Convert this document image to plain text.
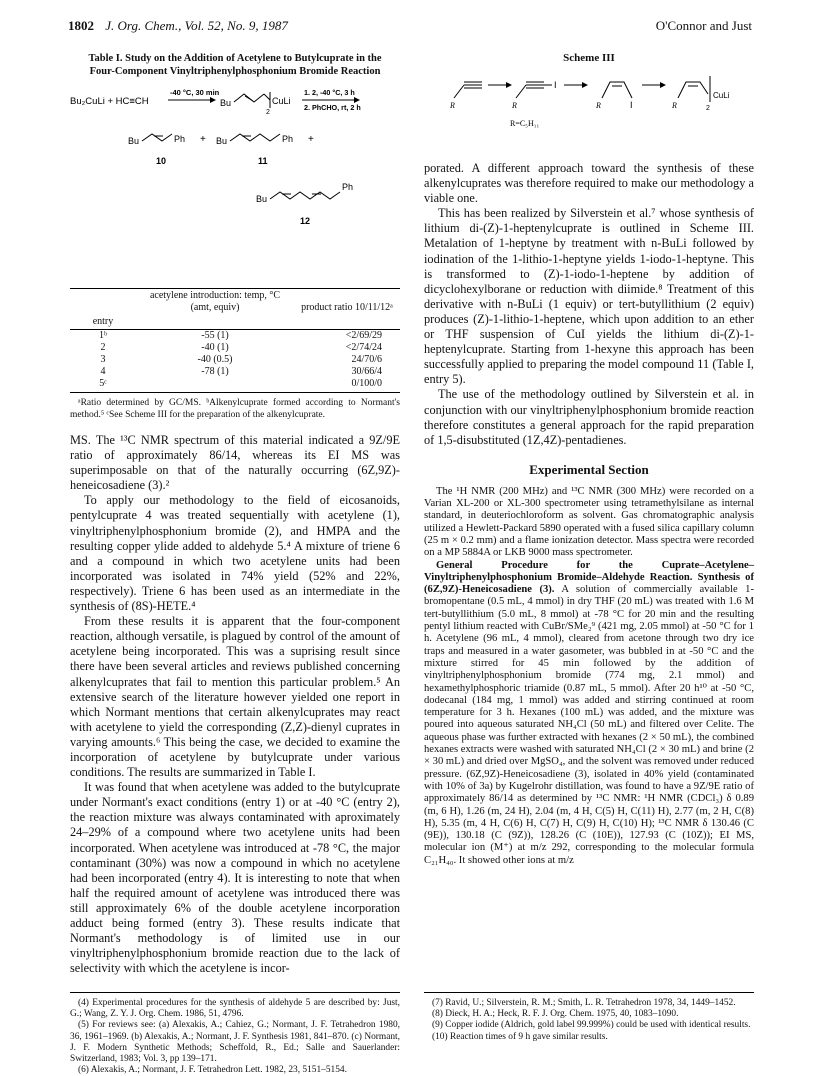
1802 J. Org. Chem., Vol. 52, No. 9, 1987	O'Connor and Just
Table I. Study on the Addition of Acetylene to Butylcuprate in the Four-Component Vinyltriphenylphosphonium Bromide Reaction
Bu₂CuLi + HC≡CH
-40 °C, 30 min
Bu	CuLi
2
1. 2, -40 °C, 3 h
2. PhCHO, rt, 2 h
Bu	Ph + Bu	Ph +
10	11
Bu
Ph
12
	acetylene introduction: temp, °C (amt, equiv)	product ratio 10/11/12ᵃ
entry		
1ᵇ	-55 (1)	<2/69/29
2	-40 (1)	<2/74/24
3	-40 (0.5)	24/70/6
4	-78 (1)	30/66/4
5ᶜ		0/100/0
ᵃRatio determined by GC/MS. ᵇAlkenylcuprate formed according to Normant's method.⁵ ᶜSee Scheme III for the preparation of the alkenylcuprate.

MS. The ¹³C NMR spectrum of this material indicated a 9Z/9E ratio of approximately 86/14, whereas its EI MS was superimposable on that of the naturally occurring (6Z,9Z)-heneicosadiene (3).²

To apply our methodology to the field of eicosanoids, pentylcuprate 4 was treated sequentially with acetylene (1), vinyltriphenylphosphonium bromide (2), and HMPA and the resulting copper ylide added to aldehyde 5.⁴ A mixture of triene 6 and a compound in which two acetylene units had been incorporated was isolated in 74% yield (52% and 22%, respectively). Triene 6 has been used as an intermediate in the synthesis of (8S)-HETE.⁴

From these results it is apparent that the four-component reaction, although versatile, is plagued by control of the amount of acetylene being incorporated. This was a suprising result since there have been several articles and reviews published concerning alkenylcuprates that fail to mention this particular problem.⁵ An extensive search of the literature however yielded one report in which Normant mentions that certain alkenylcuprates may react with acetylene to yield the corresponding (Z,Z)-dienyl cuprates in varying amounts.⁶ This being the case, we decided to examine the incorporation of acetylene by butylcuprate under various conditions. The results are summarized in Table I.

It was found that when acetylene was added to the butylcuprate under Normant's exact conditions (entry 1) or at -40 °C (entry 2), the reaction mixture was always contaminated with aproximately 24–29% of a compound where two acetylene units had been incorporated. When acetylene was introduced at -78 °C, the major contaminant (30%) was now a compound in which no acetylene had been incorporated (entry 4). It is interesting to note that when half the required amount of acetylene was introduced there was still approximately 6% of the double acetylene incorporation adduct being formed (entry 3). These results indicate that Normant's methodology is of limited use in our vinyltriphenylphosphonium bromide reaction due to the lack of selectivity with which the acetylene is incor-

Scheme III
R	R
I
R	I	R
CuLi
2
R=C₅H₁₁

porated. A different approach toward the synthesis of these alkenylcuprates was therefore required to make our methodology a viable one.

This has been realized by Silverstein et al.⁷ whose synthesis of lithium di-(Z)-1-heptenylcuprate is outlined in Scheme III. Metalation of 1-heptyne by treatment with n-BuLi followed by iodination of the 1-lithio-1-heptyne yields 1-iodo-1-heptyne. This is transformed to (Z)-1-iodo-1-heptene by addition of dicyclohexylborane or reduction with diimide.⁸ Treatment of this derivative with n-BuLi (1 equiv) or tert-butyllithium (2 equiv) produces (Z)-1-lithio-1-heptene, which upon addition to an ether or THF suspension of CuI yields the lithium di-(Z)-1-heptenylcuprate. Starting from 1-hexyne this approach has been successfully applied to preparing the model compound 11 (Table I, entry 5).

The use of the methodology outlined by Silverstein et al. in conjunction with our vinyltriphenylphosphonium bromide reaction therefore constitutes a general approach for the rapid preparation of 1,5-disubstituted (1Z,4Z)-pentadienes.

Experimental Section

The ¹H NMR (200 MHz) and ¹³C NMR (300 MHz) were recorded on a Varian XL-200 or XL-300 spectrometer using tetramethylsilane as internal standard, in deuteriochloroform as solvent. Gas chromatographic analysis utilized a Hewlett-Packard 5890 operated with a fused silica capillary column (25 m × 0.2 mm) and a flame ionization detector. Mass spectra were recorded on a MP 5884A or LKB 9000 mass spectrometer.

General Procedure for the Cuprate–Acetylene–Vinyltriphenylphosphonium Bromide–Aldehyde Reaction. Synthesis of (6Z,9Z)-Heneicosadiene (3). A solution of commercially available 1-bromopentane (0.5 mL, 4 mmol) in dry THF (20 mL) was treated with 1.6 M tert-butyllithium (5.0 mL, 8 mmol) at -78 °C for 20 min and the resulting pentyl lithium reacted with CuBr/SMe₂⁹ (421 mg, 2.05 mmol) at -50 °C for 1 h. Acetylene (96 mL, 4 mmol), cleared from acetone through two dry ice traps and measured in a water gasometer, was bubbled in at -50 °C and the mixture stirred for 45 min followed by the addition of vinyltriphenylphosphonium bromide (774 mg, 2.1 mmol) and hexamethylphosphoric triamide (0.87 mL, 5 mmol). After 20 h¹⁰ at -50 °C, dodecanal (184 mg, 1 mmol) was added and stirring continued at room temperature for 3 h. Hexanes (100 mL) was added, and the mixture was poured into aqueous saturated NH₄Cl (50 mL) and filtered over Celite. The aqueous phase was further extracted with hexanes (2 × 50 mL), the combined hexanes extracts were washed with saturated NH₄Cl (2 × 30 mL) and brine (2 × 30 mL) and dried over MgSO₄, and the solvent was removed under reduced pressure. (6Z,9Z)-Heneicosadiene (3), isolated in 40% yield (contaminated with 10% of 3a) by Kugelrohr distillation, was found to have a 9Z/9E ratio of approximately 86/14 as determined by ¹³C NMR: ¹H NMR (CDCl₃) δ 0.89 (m, 6 H), 1.26 (m, 24 H), 2.04 (m, 4 H, C(5) H, C(11) H), 2.77 (m, 2 H, C(8) H), 5.35 (m, 4 H, C(6) H, C(7) H, C(9) H, C(10) H); ¹³C NMR δ 130.46 (C (9E)), 130.18 (C (9Z)), 128.26 (C (10E)), 127.93 (C (10Z)); EI MS, molecular ion (M⁺) at m/z 292, corresponding to the molecular formula C₂₁H₄₀. It showed other ions at m/z

(4) Experimental procedures for the synthesis of aldehyde 5 are described by: Just, G.; Wang, Z. Y. J. Org. Chem. 1986, 51, 4796.

(5) For reviews see: (a) Alexakis, A.; Cahiez, G.; Normant, J. F. Tetrahedron 1980, 36, 1961–1969. (b) Alexakis, A.; Normant, J. F. Synthesis 1981, 841–870. (c) Normant, J. F. Modern Synthetic Methods; Scheffold, R., Ed.; Salle and Sauerlander: Switzerland, 1983; Vol. 3, pp 139–171.

(6) Alexakis, A.; Normant, J. F. Tetrahedron Lett. 1982, 23, 5151–5154.

(7) Ravid, U.; Silverstein, R. M.; Smith, L. R. Tetrahedron 1978, 34, 1449–1452.

(8) Dieck, H. A.; Heck, R. F. J. Org. Chem. 1975, 40, 1083–1090.

(9) Copper iodide (Aldrich, gold label 99.999%) could be used with identical results.

(10) Reaction times of 9 h gave similar results.
